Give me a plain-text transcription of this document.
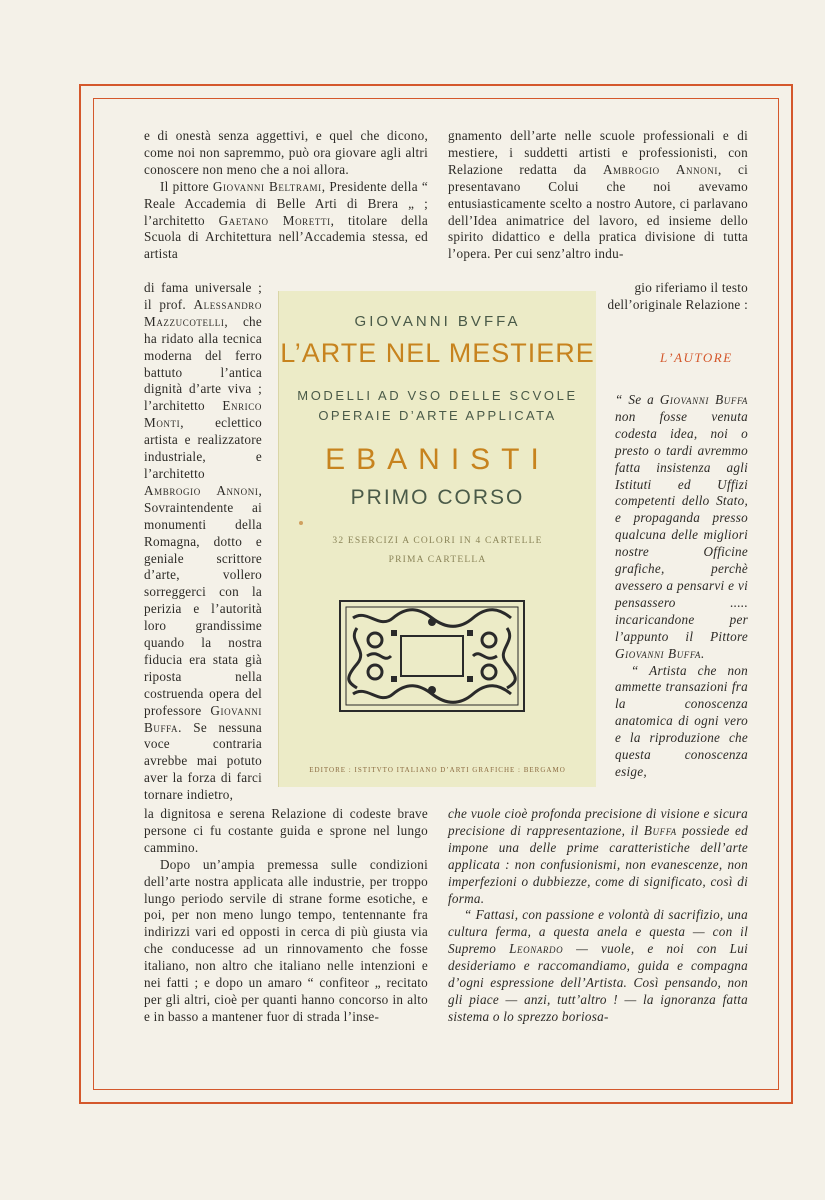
e di onestà senza aggettivi, e quel che dicono, come noi non sapremmo, può ora giovare agli altri conoscere non meno che a noi allora.

Il pittore Giovanni Beltrami, Presidente della “ Reale Accademia di Belle Arti di Brera „ ; l’architetto Gaetano Moretti, titolare della Scuola di Architettura nell’Accademia stessa, ed artista

di fama universale ; il prof. Alessandro Mazzucotelli, che ha ridato alla tecnica moderna del ferro battuto l’antica dignità d’arte viva ; l’architetto Enrico Monti, eclettico artista e realizzatore industriale, e l’architetto Ambrogio Annoni, Sovraintendente ai monumenti della Romagna, dotto e geniale scrittore d’arte, vollero sorreggerci con la perizia e l’autorità loro grandissime quando la nostra fiducia era stata già riposta nella costruenda opera del professore Giovanni Buffa. Se nessuna voce contraria avrebbe mai potuto aver la forza di farci tornare indietro,

la dignitosa e serena Relazione di codeste brave persone ci fu costante guida e sprone nel lungo cammino.

Dopo un’ampia premessa sulle condizioni dell’arte nostra applicata alle industrie, per troppo lungo periodo servile di strane forme esotiche, e poi, per non meno lungo tempo, tentennante fra indirizzi vari ed opposti in cerca di più giusta via che conducesse ad un rinnovamento che fosse italiano, non altro che italiano nelle intenzioni e nei fatti ; e dopo un amaro “ confiteor „ recitato per gli altri, cioè per quanti hanno concorso in alto e in basso a mantener fuor di strada l’inse-

gnamento dell’arte nelle scuole professionali e di mestiere, i suddetti artisti e professionisti, con Relazione redatta da Ambrogio Annoni, ci presentavano Colui che noi avevamo entusiasticamente scelto a nostro Autore, ci parlavano dell’Idea animatrice del lavoro, ed insieme dello spirito didattico e della pratica divisione di tutta l’opera. Per cui senz’altro indu-

gio riferiamo il testo dell’originale Relazione :

L’AUTORE

“ Se a Giovanni Buffa non fosse venuta codesta idea, noi o presto o tardi avremmo fatta insistenza agli Istituti ed Uffizi competenti dello Stato, e propaganda presso qualcuna delle migliori nostre Officine grafiche, perchè avessero a pensarvi e vi pensassero ..... incaricandone per l’appunto il Pittore Giovanni Buffa.

“ Artista che non ammette transazioni fra la conoscenza anatomica di ogni vero e la riproduzione che questa conoscenza esige,

che vuole cioè profonda precisione di visione e sicura precisione di rappresentazione, il Buffa possiede ed impone una delle prime caratteristiche dell’arte applicata : non confusionismi, non evanescenze, non imperfezioni o dubbiezze, come di significato, così di forma.

“ Fattasi, con passione e volontà di sacrifizio, una cultura ferma, a questa anela e questa — con il Supremo Leonardo — vuole, e noi con Lui desideriamo e raccomandiamo, guida e compagna d’ogni espressione dell’Artista. Così pensando, non gli piace — anzi, tutt’altro ! — la ignoranza fatta sistema o lo sprezzo boriosa-

GIOVANNI BVFFA
L’ARTE NEL MESTIERE
MODELLI AD VSO DELLE SCVOLE
OPERAIE D’ARTE APPLICATA
EBANISTI
PRIMO CORSO
32 ESERCIZI A COLORI IN 4 CARTELLE
PRIMA CARTELLA
EDITORE : ISTITVTO ITALIANO D’ARTI GRAFICHE : BERGAMO
